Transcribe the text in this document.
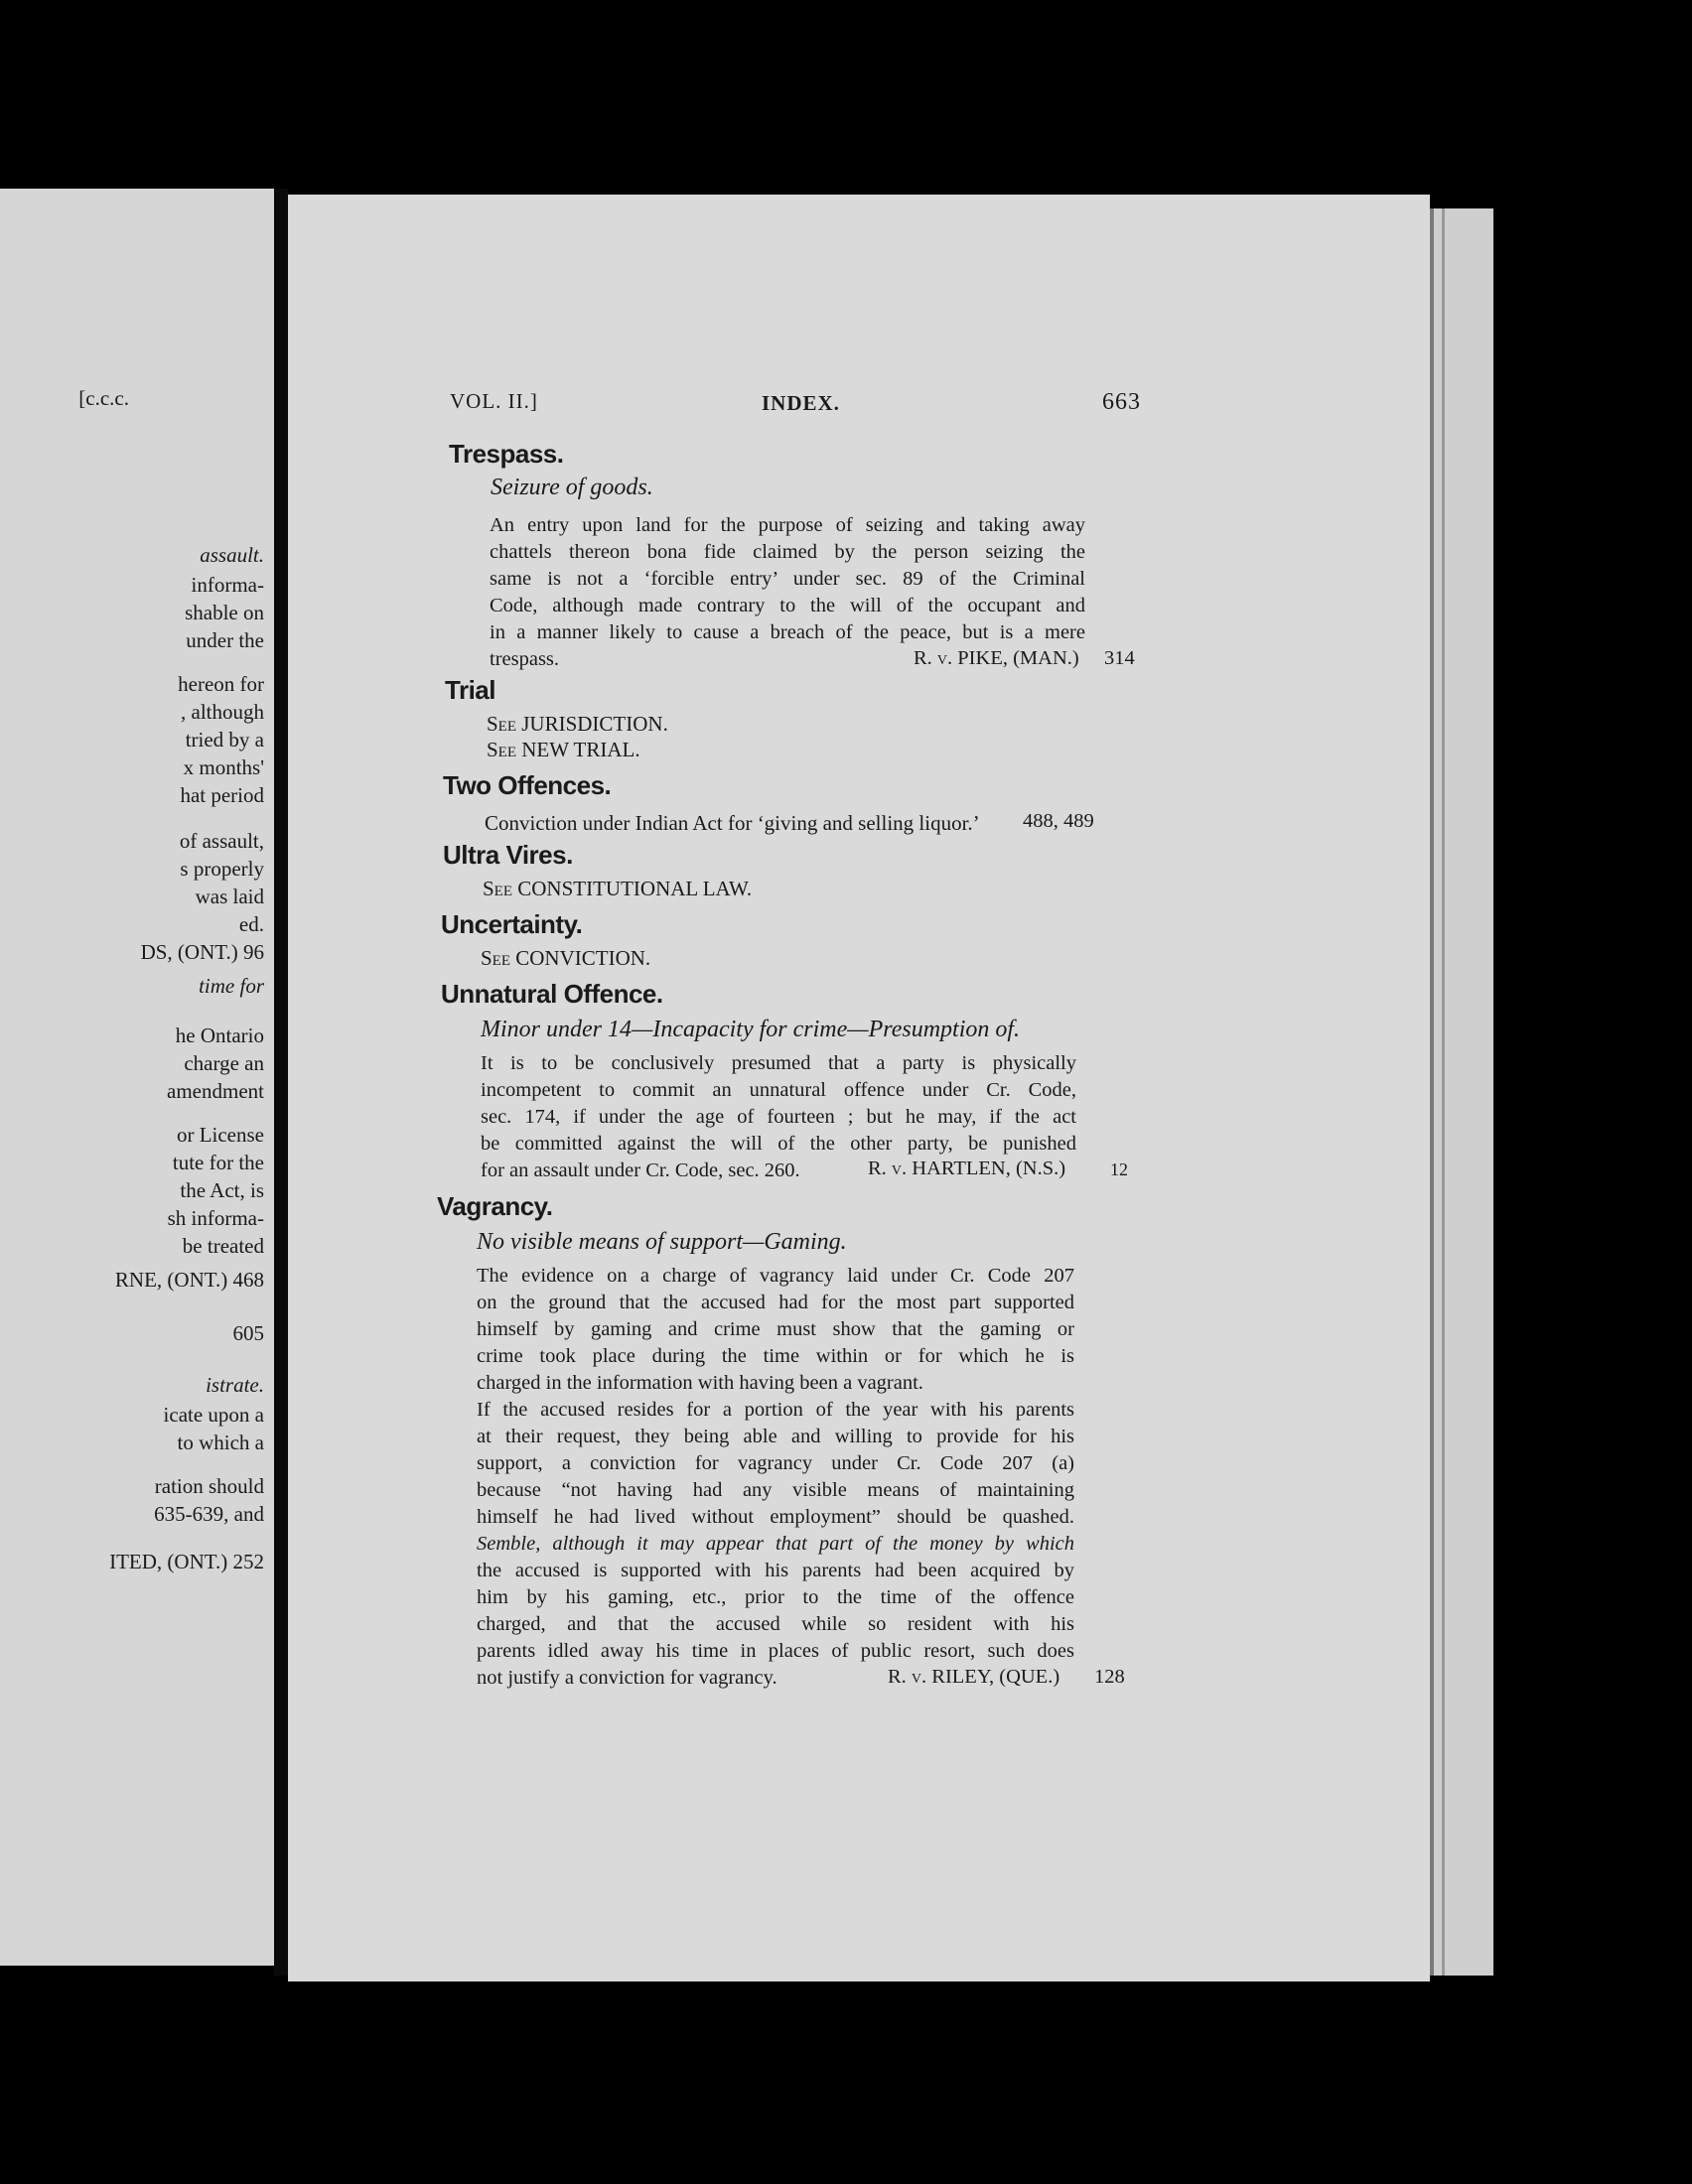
[c.c.c.
assault.
informa-
shable on
under the
hereon for
, although
tried by a
x months'
hat period
of assault,
s properly
was laid
ed.
DS, (ONT.) 96
time for
he Ontario
charge an
amendment
or License
tute for the
the Act, is
sh informa-
be treated
RNE, (ONT.) 468
605
istrate.
icate upon a
to which a
ration should
635-639, and
ITED, (ONT.) 252
VOL. II.]	INDEX.	663
Trespass.
Seizure of goods.
An entry upon land for the purpose of seizing and taking away
chattels thereon bona fide claimed by the person seizing the
same is not a ‘forcible entry’ under sec. 89 of the Criminal
Code, although made contrary to the will of the occupant and
in a manner likely to cause a breach of the peace, but is a mere
trespass.	R. v. PIKE, (MAN.) 314
Trial
See JURISDICTION.
See NEW TRIAL.
Two Offences.
Conviction under Indian Act for ‘giving and selling liquor.’ 488, 489
Ultra Vires.
See CONSTITUTIONAL LAW.
Uncertainty.
See CONVICTION.
Unnatural Offence.
Minor under 14—Incapacity for crime—Presumption of.
It is to be conclusively presumed that a party is physically
incompetent to commit an unnatural offence under Cr. Code,
sec. 174, if under the age of fourteen ; but he may, if the act
be committed against the will of the other party, be punished
for an assault under Cr. Code, sec. 260.	R. v. HARTLEN, (N.S.) 12
Vagrancy.
No visible means of support—Gaming.
The evidence on a charge of vagrancy laid under Cr. Code 207
on the ground that the accused had for the most part supported
himself by gaming and crime must show that the gaming or
crime took place during the time within or for which he is
charged in the information with having been a vagrant.
If the accused resides for a portion of the year with his parents
at their request, they being able and willing to provide for his
support, a conviction for vagrancy under Cr. Code 207 (a)
because “not having had any visible means of maintaining
himself he had lived without employment” should be quashed.
Semble, although it may appear that part of the money by which
the accused is supported with his parents had been acquired by
him by his gaming, etc., prior to the time of the offence
charged, and that the accused while so resident with his
parents idled away his time in places of public resort, such does
not justify a conviction for vagrancy.	R. v. RILEY, (QUE.) 128
